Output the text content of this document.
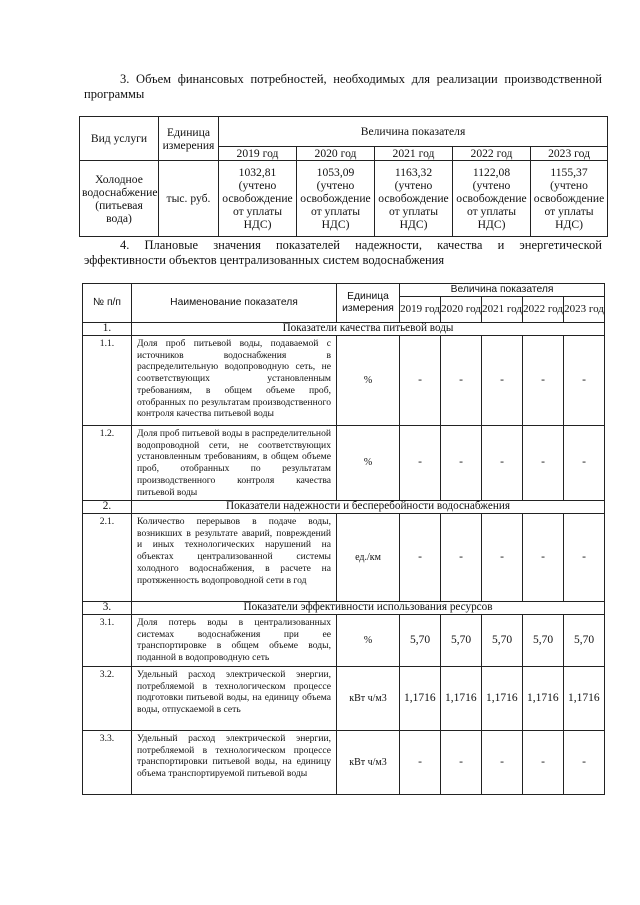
3. Объем финансовых потребностей, необходимых для реализации производственной программы
Вид услуги	Единица измерения	Величина показателя				
		2019 год	2020 год	2021 год	2022 год	2023 год
Холодное водоснабжение (питьевая вода)	тыс. руб.	1032,81 (учтено освобождение от уплаты НДС)	1053,09 (учтено освобождение от уплаты НДС)	1163,32 (учтено освобождение от уплаты НДС)	1122,08 (учтено освобождение от уплаты НДС)	1155,37 (учтено освобождение от уплаты НДС)
4. Плановые значения показателей надежности, качества и энергетической эффективности объектов централизованных систем водоснабжения
№ п/п	Наименование показателя	Единица измерения	Величина показателя				
			2019 год	2020 год	2021 год	2022 год	2023 год
1.	Показатели качества питьевой воды						
1.1.	Доля проб питьевой воды, подаваемой с источников водоснабжения в распределительную водопроводную сеть, не соответствующих установленным требованиям, в общем объеме проб, отобранных по результатам производственного контроля качества питьевой воды	%	-	-	-	-	-
1.2.	Доля проб питьевой воды в распределительной водопроводной сети, не соответствующих установленным требованиям, в общем объеме проб, отобранных по результатам производственного контроля качества питьевой воды	%	-	-	-	-	-
2.	Показатели надежности и бесперебойности водоснабжения						
2.1.	Количество перерывов в подаче воды, возникших в результате аварий, повреждений и иных технологических нарушений на объектах централизованной системы холодного водоснабжения, в расчете на протяженность водопроводной сети в год	ед./км	-	-	-	-	-
3.	Показатели эффективности использования ресурсов						
3.1.	Доля потерь воды в централизованных системах водоснабжения при ее транспортировке в общем объеме воды, поданной в водопроводную сеть	%	5,70	5,70	5,70	5,70	5,70
3.2.	Удельный расход электрической энергии, потребляемой в технологическом процессе подготовки питьевой воды, на единицу объема воды, отпускаемой в сеть	кВт ч/м3	1,1716	1,1716	1,1716	1,1716	1,1716
3.3.	Удельный расход электрической энергии, потребляемой в технологическом процессе транспортировки питьевой воды, на единицу объема транспортируемой питьевой воды	кВт ч/м3	-	-	-	-	-
